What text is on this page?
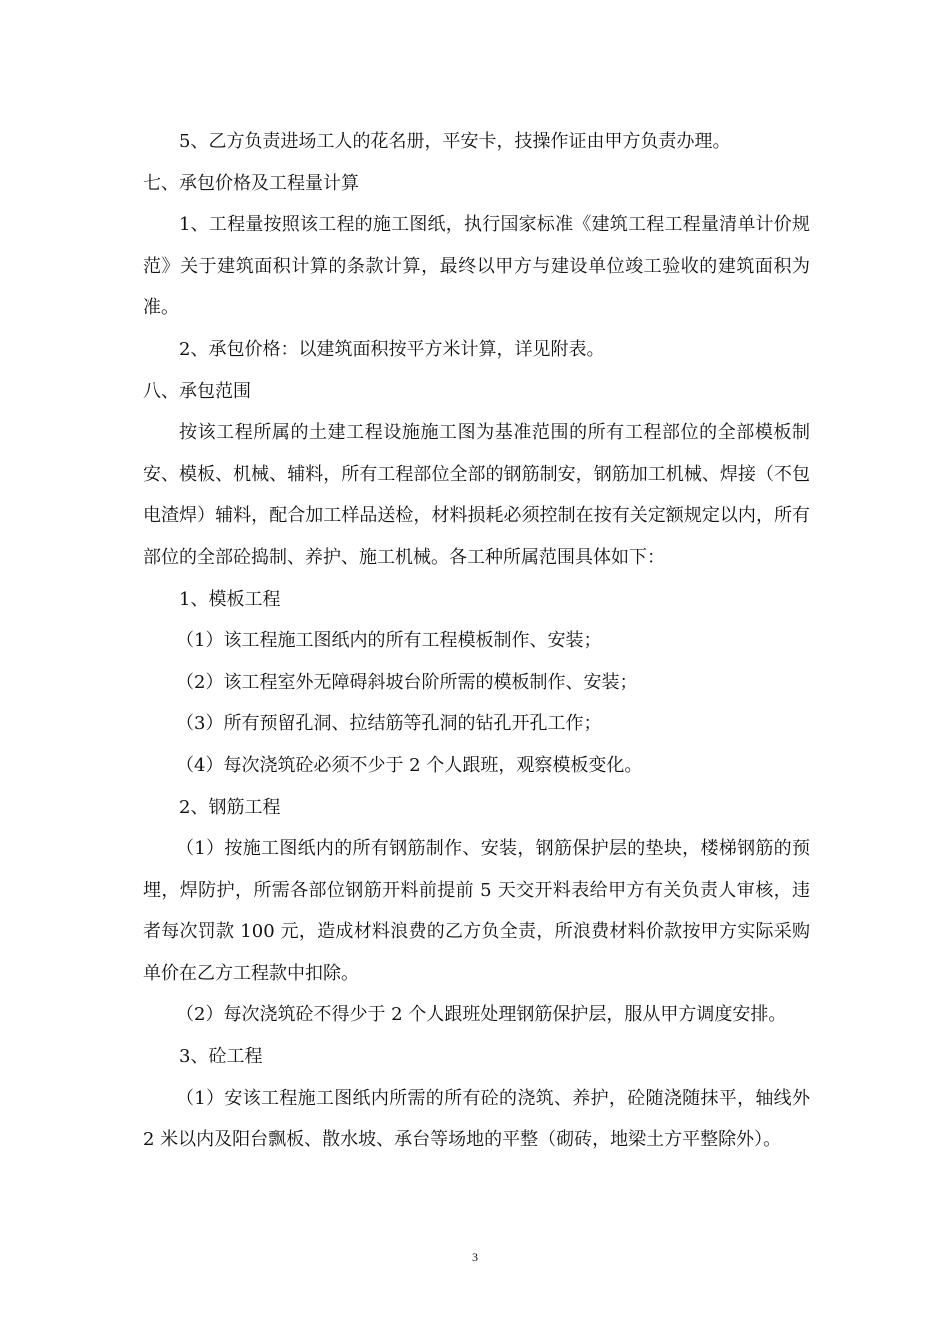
5、乙方负责进场工人的花名册，平安卡，技操作证由甲方负责办理。

七、承包价格及工程量计算

1、工程量按照该工程的施工图纸，执行国家标准《建筑工程工程量清单计价规范》关于建筑面积计算的条款计算，最终以甲方与建设单位竣工验收的建筑面积为准。

2、承包价格：以建筑面积按平方米计算，详见附表。

八、承包范围

按该工程所属的土建工程设施施工图为基准范围的所有工程部位的全部模板制安、模板、机械、辅料，所有工程部位全部的钢筋制安，钢筋加工机械、焊接（不包电渣焊）辅料，配合加工样品送检，材料损耗必须控制在按有关定额规定以内，所有部位的全部砼捣制、养护、施工机械。各工种所属范围具体如下：

1、模板工程

（1）该工程施工图纸内的所有工程模板制作、安装；

（2）该工程室外无障碍斜坡台阶所需的模板制作、安装；

（3）所有预留孔洞、拉结筋等孔洞的钻孔开孔工作；

（4）每次浇筑砼必须不少于 2 个人跟班，观察模板变化。

2、钢筋工程

（1）按施工图纸内的所有钢筋制作、安装，钢筋保护层的垫块，楼梯钢筋的预埋，焊防护，所需各部位钢筋开料前提前 5 天交开料表给甲方有关负责人审核，违者每次罚款 100 元，造成材料浪费的乙方负全责，所浪费材料价款按甲方实际采购单价在乙方工程款中扣除。

（2）每次浇筑砼不得少于 2 个人跟班处理钢筋保护层，服从甲方调度安排。

3、砼工程

（1）安该工程施工图纸内所需的所有砼的浇筑、养护，砼随浇随抹平，轴线外 2 米以内及阳台飘板、散水坡、承台等场地的平整（砌砖，地梁土方平整除外）。

3
